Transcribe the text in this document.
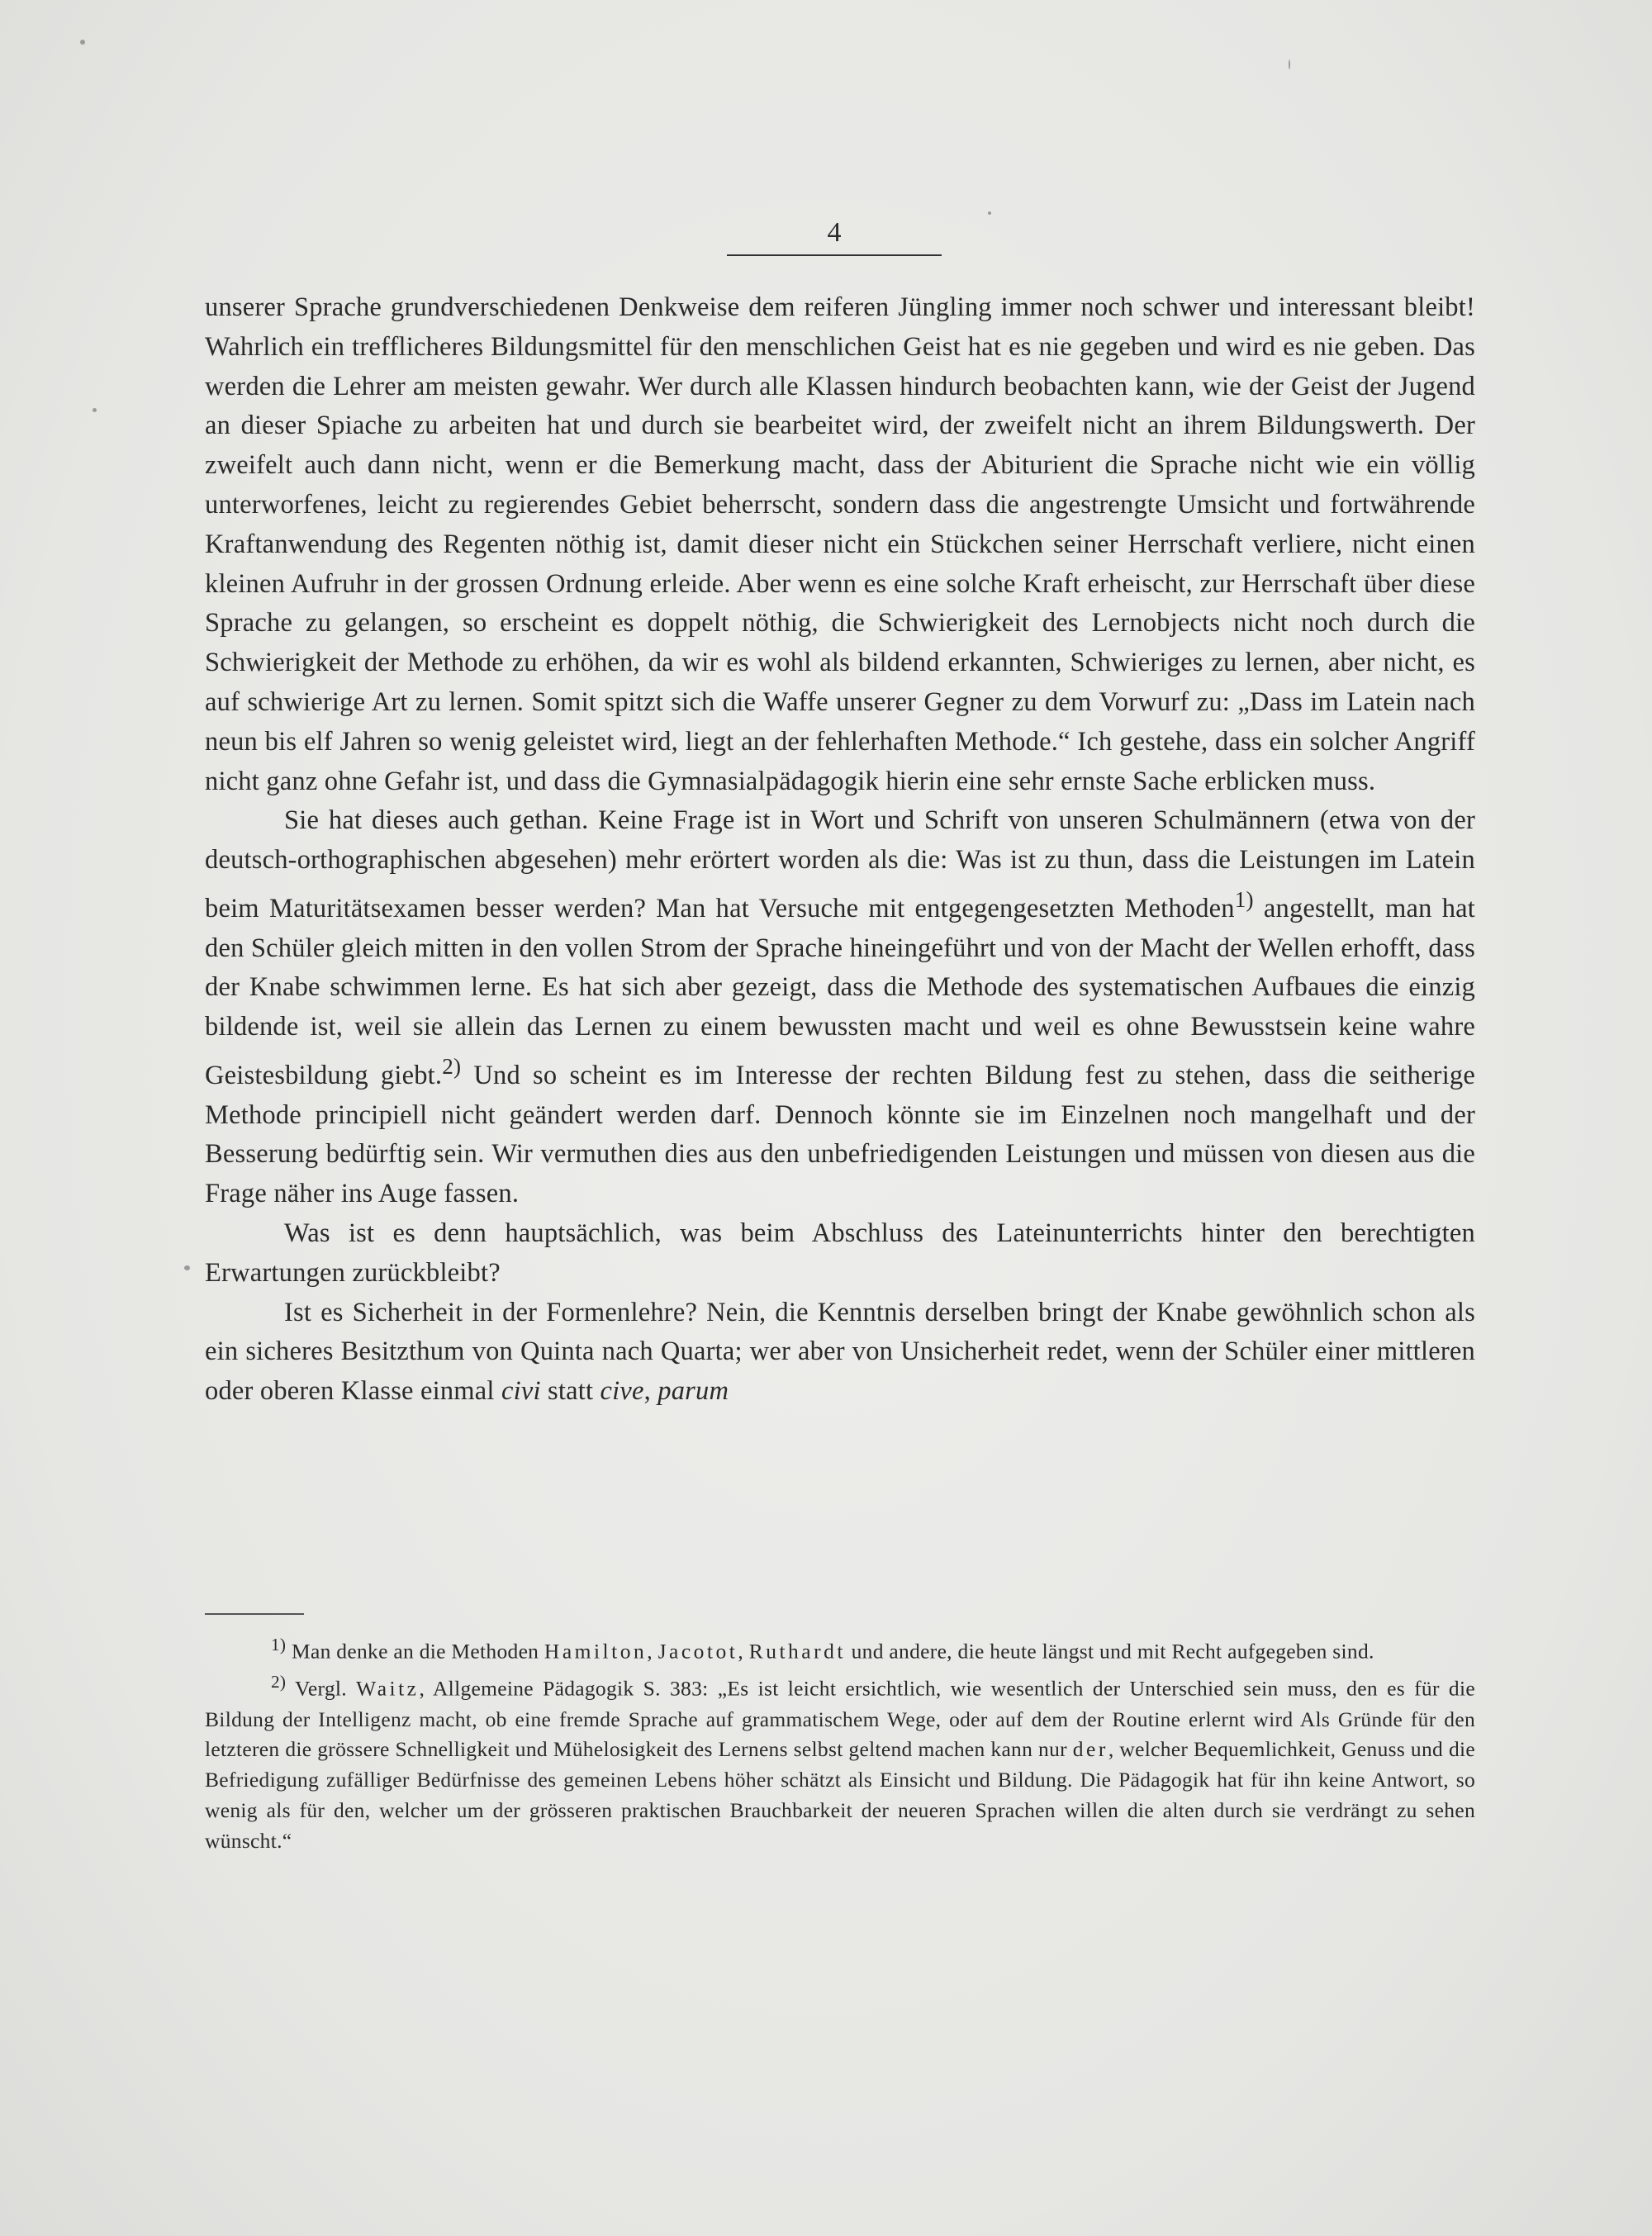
4

unserer Sprache grundverschiedenen Denkweise dem reiferen Jüngling immer noch schwer und interessant bleibt! Wahrlich ein trefflicheres Bildungsmittel für den menschlichen Geist hat es nie gegeben und wird es nie geben. Das werden die Lehrer am meisten gewahr. Wer durch alle Klassen hindurch beobachten kann, wie der Geist der Jugend an dieser Spiache zu arbeiten hat und durch sie bearbeitet wird, der zweifelt nicht an ihrem Bildungswerth. Der zweifelt auch dann nicht, wenn er die Bemerkung macht, dass der Abiturient die Sprache nicht wie ein völlig unterworfenes, leicht zu regierendes Gebiet beherrscht, sondern dass die angestrengte Umsicht und fortwährende Kraftanwendung des Regenten nöthig ist, damit dieser nicht ein Stückchen seiner Herrschaft verliere, nicht einen kleinen Aufruhr in der grossen Ordnung erleide. Aber wenn es eine solche Kraft erheischt, zur Herrschaft über diese Sprache zu gelangen, so erscheint es doppelt nöthig, die Schwierigkeit des Lernobjects nicht noch durch die Schwierigkeit der Methode zu erhöhen, da wir es wohl als bildend erkannten, Schwieriges zu lernen, aber nicht, es auf schwierige Art zu lernen. Somit spitzt sich die Waffe unserer Gegner zu dem Vorwurf zu: „Dass im Latein nach neun bis elf Jahren so wenig geleistet wird, liegt an der fehlerhaften Methode.“ Ich gestehe, dass ein solcher Angriff nicht ganz ohne Gefahr ist, und dass die Gymnasialpädagogik hierin eine sehr ernste Sache erblicken muss.

Sie hat dieses auch gethan. Keine Frage ist in Wort und Schrift von unseren Schulmännern (etwa von der deutsch-orthographischen abgesehen) mehr erörtert worden als die: Was ist zu thun, dass die Leistungen im Latein beim Maturitätsexamen besser werden? Man hat Versuche mit entgegengesetzten Methoden$^{1)}$ angestellt, man hat den Schüler gleich mitten in den vollen Strom der Sprache hineingeführt und von der Macht der Wellen erhofft, dass der Knabe schwimmen lerne. Es hat sich aber gezeigt, dass die Methode des systematischen Aufbaues die einzig bildende ist, weil sie allein das Lernen zu einem bewussten macht und weil es ohne Bewusstsein keine wahre Geistesbildung giebt.$^{2)}$ Und so scheint es im Interesse der rechten Bildung fest zu stehen, dass die seitherige Methode principiell nicht geändert werden darf. Dennoch könnte sie im Einzelnen noch mangelhaft und der Besserung bedürftig sein. Wir vermuthen dies aus den unbefriedigenden Leistungen und müssen von diesen aus die Frage näher ins Auge fassen.

Was ist es denn hauptsächlich, was beim Abschluss des Lateinunterrichts hinter den berechtigten Erwartungen zurückbleibt?

Ist es Sicherheit in der Formenlehre? Nein, die Kenntnis derselben bringt der Knabe gewöhnlich schon als ein sicheres Besitzthum von Quinta nach Quarta; wer aber von Unsicherheit redet, wenn der Schüler einer mittleren oder oberen Klasse einmal civi statt cive, parum

$^{1)}$ Man denke an die Methoden Hamilton, Jacotot, Ruthardt und andere, die heute längst und mit Recht aufgegeben sind.

$^{2)}$ Vergl. Waitz, Allgemeine Pädagogik S. 383: „Es ist leicht ersichtlich, wie wesentlich der Unterschied sein muss, den es für die Bildung der Intelligenz macht, ob eine fremde Sprache auf grammatischem Wege, oder auf dem der Routine erlernt wird Als Gründe für den letzteren die grössere Schnelligkeit und Mühelosigkeit des Lernens selbst geltend machen kann nur der, welcher Bequemlichkeit, Genuss und die Befriedigung zufälliger Bedürfnisse des gemeinen Lebens höher schätzt als Einsicht und Bildung. Die Pädagogik hat für ihn keine Antwort, so wenig als für den, welcher um der grösseren praktischen Brauchbarkeit der neueren Sprachen willen die alten durch sie verdrängt zu sehen wünscht.“
